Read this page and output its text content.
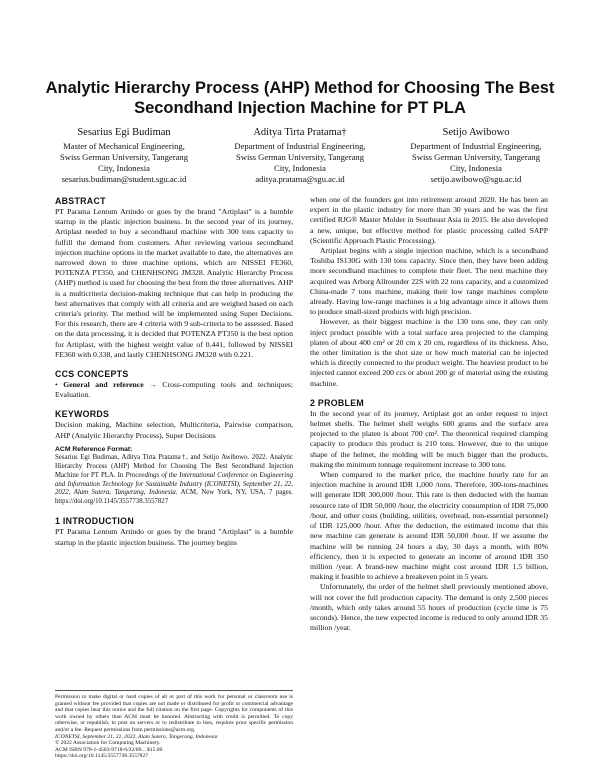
Analytic Hierarchy Process (AHP) Method for Choosing The Best Secondhand Injection Machine for PT PLA
Sesarius Egi Budiman
Master of Mechanical Engineering,
Swiss German University, Tangerang
City, Indonesia
sesarius.budiman@student.sgu.ac.id
Aditya Tirta Pratama†
Department of Industrial Engineering,
Swiss German University, Tangerang
City, Indonesia
aditya.pratama@sgu.ac.id
Setijo Awibowo
Department of Industrial Engineering,
Swiss German University, Tangerang
City, Indonesia
setijo.awibowo@sgu.ac.id
ABSTRACT

PT Parama Lentum Artindo or goes by the brand "Artiplast" is a humble startup in the plastic injection business. In the second year of its journey, Artiplast needed to buy a secondhand machine with 300 tons capacity to fulfill the demand from customers. After reviewing various secondhand injection machine options in the market available to date, the alternatives are narrowed down to three machine options, which are NISSEI FE360, POTENZA PT350, and CHENHSONG JM328. Analytic Hierarchy Process (AHP) method is used for choosing the best from the three alternatives. AHP is a multicriteria decision-making technique that can help in producing the best alternatives that comply with all criteria and are weighed based on each criteria's priority. The method will be implemented using Super Decisions. For this research, there are 4 criteria with 9 sub-criteria to be assessed. Based on the data processing, it is decided that POTENZA PT350 is the best option for Artiplast, with the highest weight value of 0.441, followed by NISSEI FE360 with 0.338, and lastly CHENHSONG JM328 with 0.221.

CCS CONCEPTS

• General and reference → Cross-computing tools and techniques; Evaluation.

KEYWORDS

Decision making, Machine selection, Multicriteria, Pairwise comparison, AHP (Analytic Hierarchy Process), Super Decisions

ACM Reference Format:
Sesarius Egi Budiman, Aditya Tirta Pratama†, and Setijo Awibowo. 2022. Analytic Hierarchy Process (AHP) Method for Choosing The Best Secondhand Injection Machine for PT PLA. In Proceedings of the International Conference on Engineering and Information Technology for Sustainable Industry (ICONETSI), September 21, 22, 2022, Alam Sutera, Tangerang, Indonesia. ACM, New York, NY, USA, 7 pages. https://doi.org/10.1145/3557738.3557827
1 INTRODUCTION

PT Parama Lentum Artindo or goes by the brand "Artiplast" is a humble startup in the plastic injection business. The journey begins

Permission to make digital or hard copies of all or part of this work for personal or classroom use is granted without fee provided that copies are not made or distributed for profit or commercial advantage and that copies bear this notice and the full citation on the first page. Copyrights for components of this work owned by others than ACM must be honored. Abstracting with credit is permitted. To copy otherwise, or republish, to post on servers or to redistribute to lists, requires prior specific permission and/or a fee. Request permissions from permissions@acm.org.
ICONETSI, September 21, 22, 2022, Alam Sutera, Tangerang, Indonesia
© 2022 Association for Computing Machinery.
ACM ISBN 978-1-4503-9718-6/22/09... $15.00
https://doi.org/10.1145/3557738.3557827

when one of the founders got into retirement around 2020. He has been an expert in the plastic industry for more than 30 years and he was the first certified RJG® Master Molder in Southeast Asia in 2015. He also developed a new, unique, but effective method for plastic processing called SAPP (Scientific Approach Plastic Processing).

Artiplast begins with a single injection machine, which is a secondhand Toshiba IS130G with 130 tons capacity. Since then, they have been adding more secondhand machines to complete their fleet. The next machine they acquired was Arburg Allrounder 22S with 22 tons capacity, and a customized China-made 7 tons machine, making their low range machines complete already. Having low-range machines is a big advantage since it allows them to produce small-sized products with high precision.

However, as their biggest machine is the 130 tons one, they can only inject product possible with a total surface area projected to the clamping platen of about 400 cm² or 20 cm x 20 cm, regardless of its thickness. Also, the other limitation is the shot size or how much material can be injected which is directly connected to the product weight. The heaviest product to be injected cannot exceed 200 ccs or about 200 gr of material using the existing machine.

2 PROBLEM

In the second year of its journey, Artiplast got an order request to inject helmet shells. The helmet shell weighs 600 grams and the surface area projected to the platen is about 700 cm². The theoretical required clamping capacity to produce this product is 210 tons. However, due to the unique shape of the helmet, the molding will be much bigger than the products, making the minimum tonnage requirement increase to 300 tons.

When compared to the market price, the machine hourly rate for an injection machine is around IDR 1,000 /tons. Therefore, 300-tons-machines will generate IDR 300,000 /hour. This rate is then deducted with the human resource rate of IDR 50,000 /hour, the electricity consumption of IDR 75,000 /hour, and other costs (building, utilities, overhead, non-essential personnel) of IDR 125,000 /hour. After the deduction, the estimated income that this new machine can generate is around IDR 50,000 /hour. If we assume the machine will be running 24 hours a day, 30 days a month, with 80% efficiency, then it is expected to generate an income of around IDR 350 million /year. A brand-new machine might cost around IDR 1.5 billion, making it feasible to achieve a breakeven point in 5 years.

Unfortunately, the order of the helmet shell previously mentioned above, will not cover the full production capacity. The demand is only 2,500 pieces /month, which only takes around 55 hours of production (cycle time is 75 seconds). Hence, the new expected income is reduced to only around IDR 35 million /year.
